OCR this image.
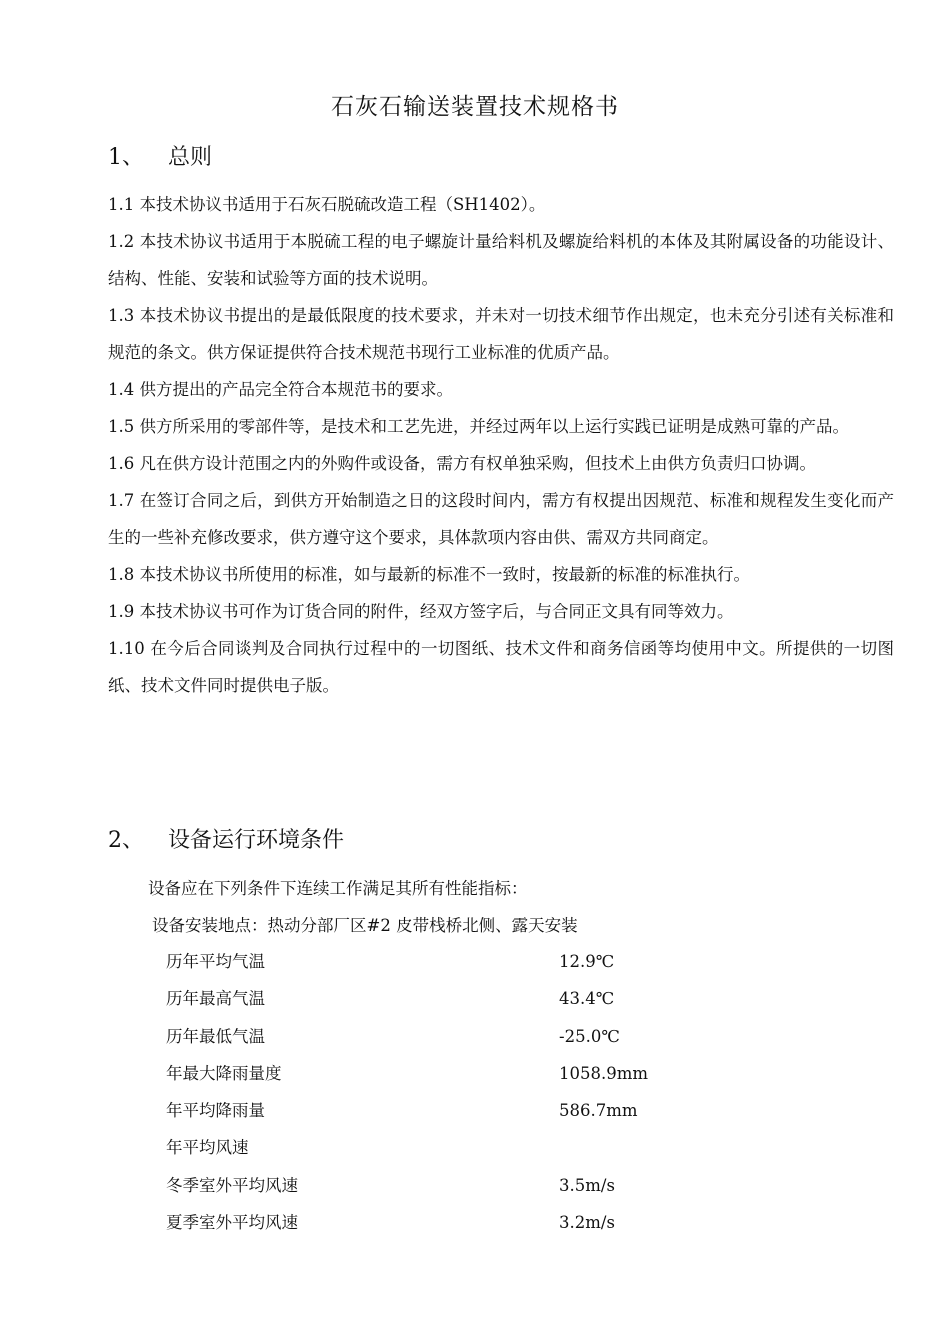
石灰石输送装置技术规格书
1、 总则

1.1 本技术协议书适用于石灰石脱硫改造工程（SH1402）。

1.2 本技术协议书适用于本脱硫工程的电子螺旋计量给料机及螺旋给料机的本体及其附属设备的功能设计、结构、性能、安装和试验等方面的技术说明。

1.3 本技术协议书提出的是最低限度的技术要求，并未对一切技术细节作出规定，也未充分引述有关标准和规范的条文。供方保证提供符合技术规范书现行工业标准的优质产品。

1.4 供方提出的产品完全符合本规范书的要求。

1.5 供方所采用的零部件等，是技术和工艺先进，并经过两年以上运行实践已证明是成熟可靠的产品。

1.6 凡在供方设计范围之内的外购件或设备，需方有权单独采购，但技术上由供方负责归口协调。

1.7 在签订合同之后，到供方开始制造之日的这段时间内，需方有权提出因规范、标准和规程发生变化而产生的一些补充修改要求，供方遵守这个要求，具体款项内容由供、需双方共同商定。

1.8 本技术协议书所使用的标准，如与最新的标准不一致时，按最新的标准的标准执行。

1.9 本技术协议书可作为订货合同的附件，经双方签字后，与合同正文具有同等效力。

1.10 在今后合同谈判及合同执行过程中的一切图纸、技术文件和商务信函等均使用中文。所提供的一切图纸、技术文件同时提供电子版。

2、 设备运行环境条件
设备应在下列条件下连续工作满足其所有性能指标：
设备安装地点：热动分部厂区#2 皮带栈桥北侧、露天安装
历年平均气温	12.9℃
历年最高气温	43.4℃
历年最低气温	-25.0℃
年最大降雨量度	1058.9mm
年平均降雨量	586.7mm
年平均风速
冬季室外平均风速	3.5m/s
夏季室外平均风速	3.2m/s
